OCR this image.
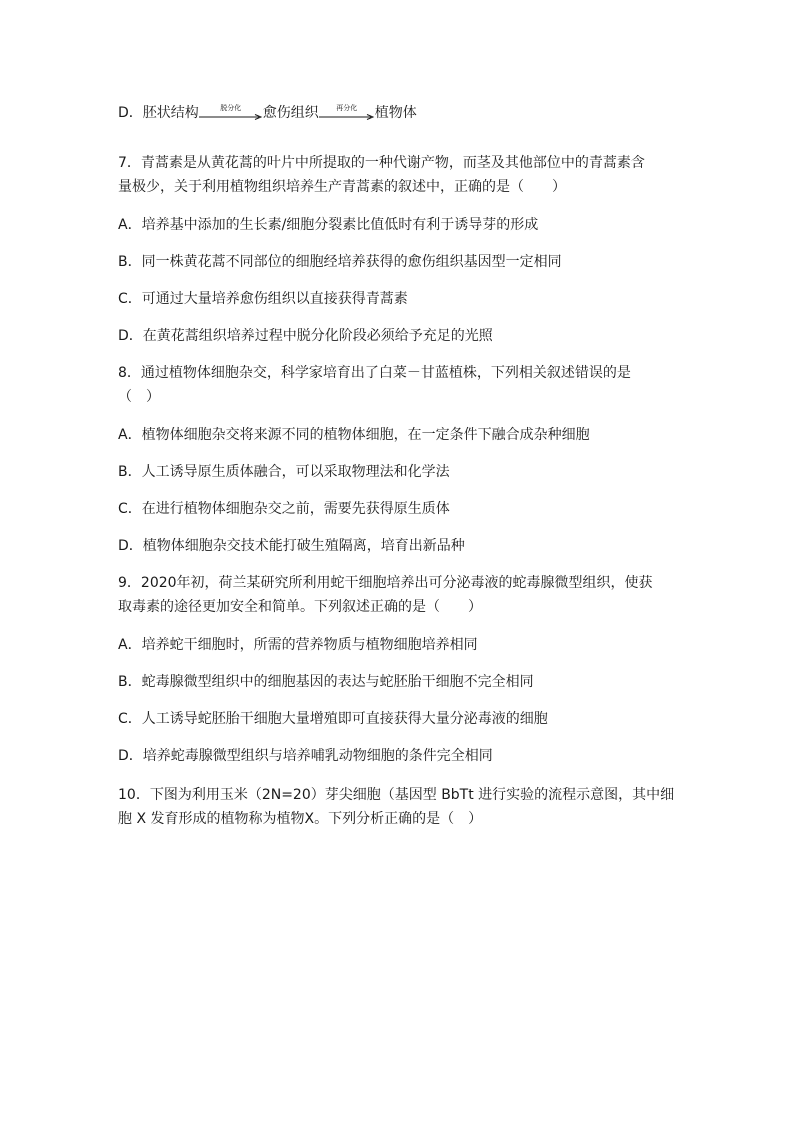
D．胚状结构	脱分化	愈伤组织	再分化	植物体
7．青蒿素是从黄花蒿的叶片中所提取的一种代谢产物，而茎及其他部位中的青蒿素含
量极少，关于利用植物组织培养生产青蒿素的叙述中，正确的是（　　）
A．培养基中添加的生长素/细胞分裂素比值低时有利于诱导芽的形成
B．同一株黄花蒿不同部位的细胞经培养获得的愈伤组织基因型一定相同
C．可通过大量培养愈伤组织以直接获得青蒿素
D．在黄花蒿组织培养过程中脱分化阶段必须给予充足的光照
8．通过植物体细胞杂交，科学家培育出了白菜－甘蓝植株，下列相关叙述错误的是
（　）
A．植物体细胞杂交将来源不同的植物体细胞，在一定条件下融合成杂种细胞
B．人工诱导原生质体融合，可以采取物理法和化学法
C．在进行植物体细胞杂交之前，需要先获得原生质体
D．植物体细胞杂交技术能打破生殖隔离，培育出新品种
9．2020年初，荷兰某研究所利用蛇干细胞培养出可分泌毒液的蛇毒腺微型组织，使获
取毒素的途径更加安全和简单。下列叙述正确的是（　　）
A．培养蛇干细胞时，所需的营养物质与植物细胞培养相同
B．蛇毒腺微型组织中的细胞基因的表达与蛇胚胎干细胞不完全相同
C．人工诱导蛇胚胎干细胞大量增殖即可直接获得大量分泌毒液的细胞
D．培养蛇毒腺微型组织与培养哺乳动物细胞的条件完全相同
10．下图为利用玉米（2N=20）芽尖细胞（基因型 BbTt 进行实验的流程示意图，其中细
胞 X 发育形成的植物称为植物X。下列分析正确的是（　）
